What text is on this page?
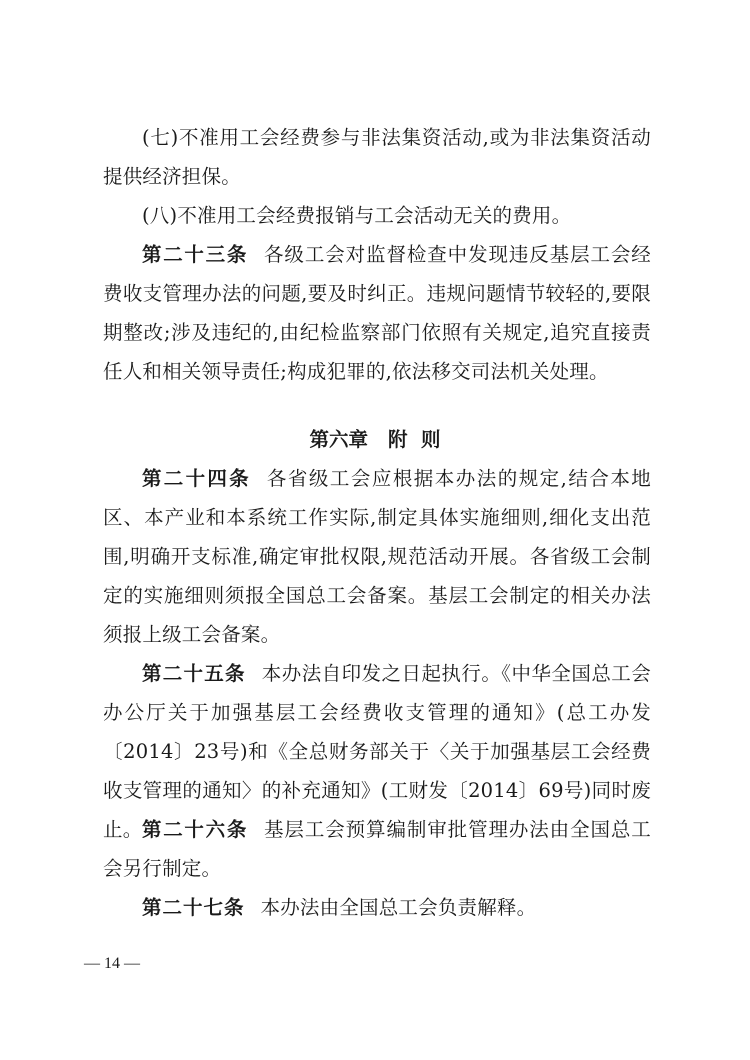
(七)不准用工会经费参与非法集资活动,或为非法集资活动提供经济担保。

(八)不准用工会经费报销与工会活动无关的费用。

第二十三条 各级工会对监督检查中发现违反基层工会经费收支管理办法的问题,要及时纠正。违规问题情节较轻的,要限期整改;涉及违纪的,由纪检监察部门依照有关规定,追究直接责任人和相关领导责任;构成犯罪的,依法移交司法机关处理。

第六章 附  则

第二十四条 各省级工会应根据本办法的规定,结合本地区、本产业和本系统工作实际,制定具体实施细则,细化支出范围,明确开支标准,确定审批权限,规范活动开展。各省级工会制定的实施细则须报全国总工会备案。基层工会制定的相关办法须报上级工会备案。

第二十五条 本办法自印发之日起执行。《中华全国总工会办公厅关于加强基层工会经费收支管理的通知》(总工办发〔2014〕23号)和《全总财务部关于〈关于加强基层工会经费收支管理的通知〉的补充通知》(工财发〔2014〕69号)同时废止。 第二十六条 基层工会预算编制审批管理办法由全国总工会另行制定。

第二十七条 本办法由全国总工会负责解释。

— 14 —
